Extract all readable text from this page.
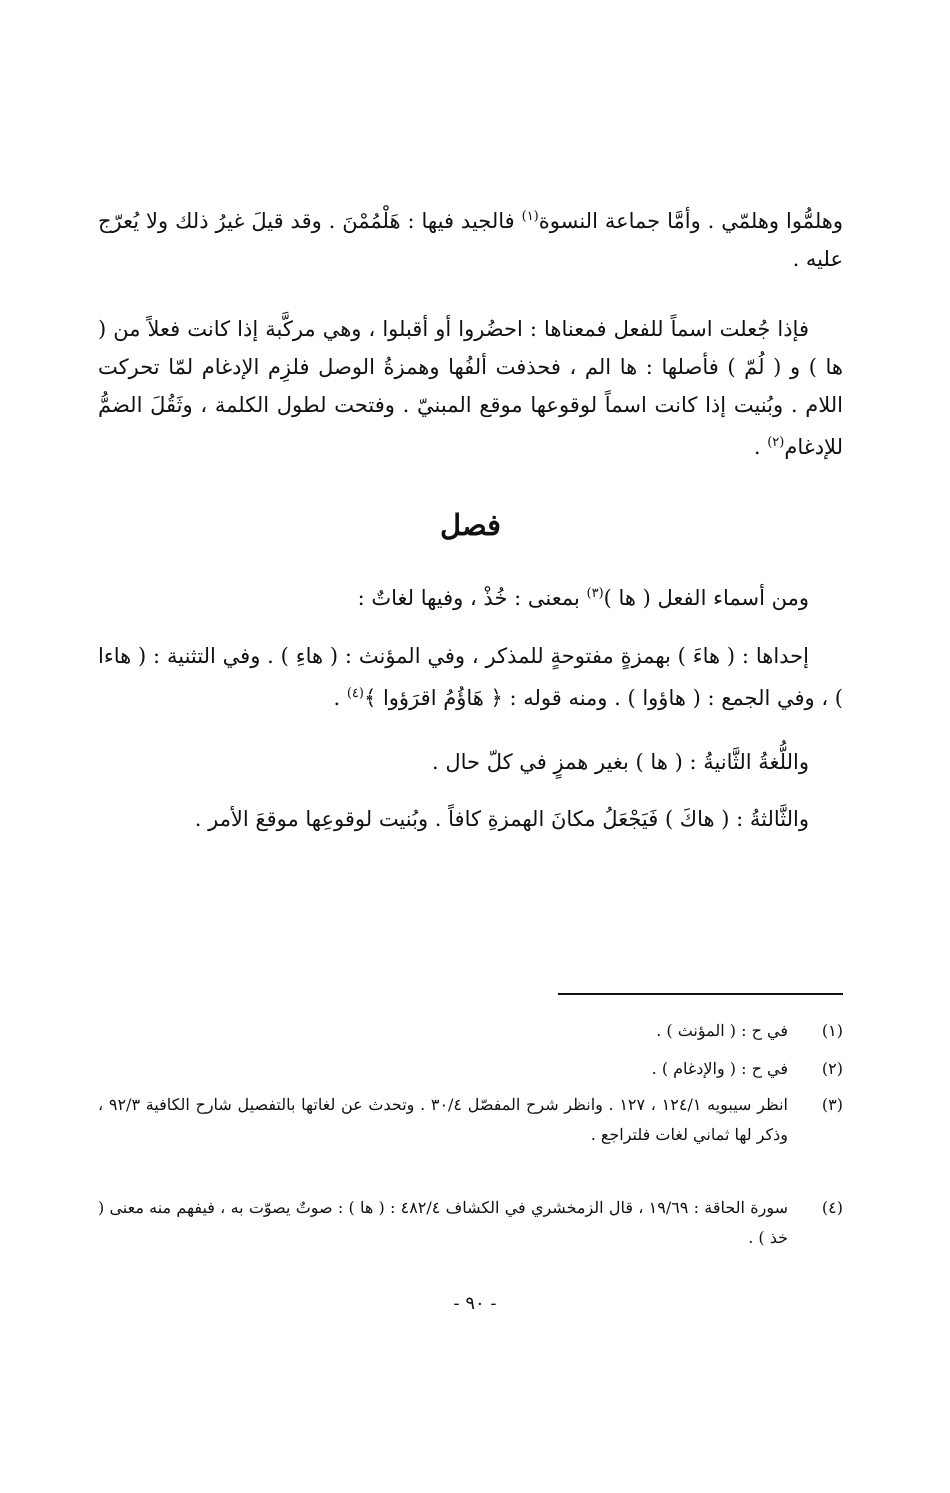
وهلمُّوا وهلمّي . وأمَّا جماعة النسوة$^{(١)}$ فالجيد فيها : هَلْمُمْنَ . وقد قيلَ غيرُ ذلك ولا يُعرّج عليه .

فإذا جُعلت اسماً للفعل فمعناها : احضُروا أو أقبلوا ، وهي مركَّبة إذا كانت فعلاً من ( ها ) و ( لُمّ ) فأصلها : ها الم ، فحذفت ألفُها وهمزةُ الوصل فلزِم الإدغام لمّا تحركت اللام . وبُنيت إذا كانت اسماً لوقوعها موقع المبنيّ . وفتحت لطول الكلمة ، وثَقُلَ الضمُّ للإدغام$^{(٢)}$ .

فصل

ومن أسماء الفعل ( ها )$^{(٣)}$ بمعنى : خُذْ ، وفيها لغاتٌ :

إحداها : ( هاءَ ) بهمزةٍ مفتوحةٍ للمذكر ، وفي المؤنث : ( هاءِ ) . وفي التثنية : ( هاءا ) ، وفي الجمع : ( هاؤوا ) . ومنه قوله : ﴿ هَاؤُمُ اقرَؤوا ﴾$^{(٤)}$ .

واللُّغةُ الثَّانيةُ : ( ها ) بغير همزٍ في كلّ حال .

والثَّالثةُ : ( هاكَ ) فَيَجْعَلُ مكانَ الهمزةِ كافاً . وبُنيت لوقوعِها موقعَ الأمر .

(١)
في ح : ( المؤنث ) .
(٢)
في ح : ( والإدغام ) .
(٣)
انظر سيبويه ١٢٤/١ ، ١٢٧ . وانظر شرح المفصّل ٣٠/٤ . وتحدث عن لغاتها بالتفصيل شارح الكافية ٩٢/٣ ، وذكر لها ثماني لغات فلتراجع .
(٤)
سورة الحاقة : ١٩/٦٩ ، قال الزمخشري في الكشاف ٤٨٢/٤ : ( ها ) : صوتٌ يصوّت به ، فيفهم منه معنى ( خذ ) .
- ٩٠ -
